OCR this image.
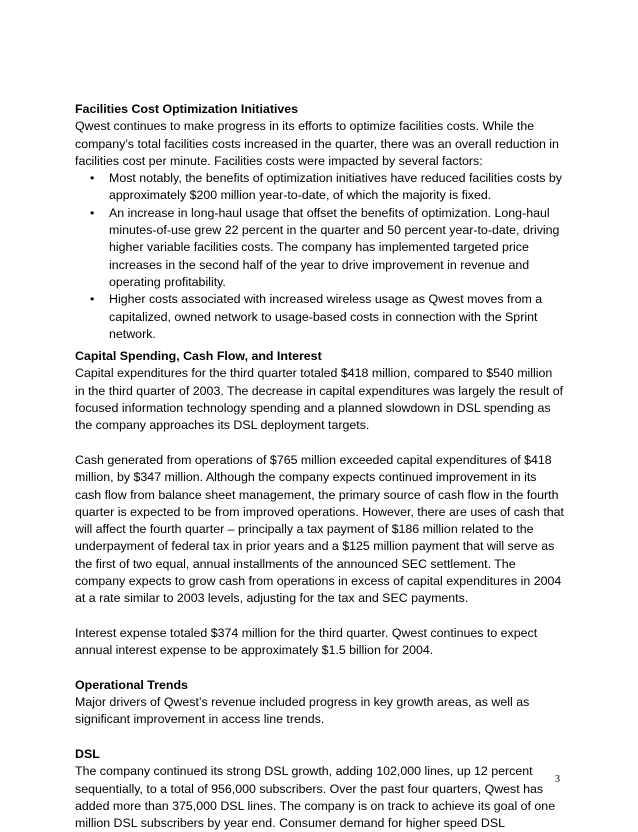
Facilities Cost Optimization Initiatives

Qwest continues to make progress in its efforts to optimize facilities costs. While the company’s total facilities costs increased in the quarter, there was an overall reduction in facilities cost per minute. Facilities costs were impacted by several factors:

• Most notably, the benefits of optimization initiatives have reduced facilities costs by approximately $200 million year-to-date, of which the majority is fixed.
• An increase in long-haul usage that offset the benefits of optimization. Long-haul minutes-of-use grew 22 percent in the quarter and 50 percent year-to-date, driving higher variable facilities costs. The company has implemented targeted price increases in the second half of the year to drive improvement in revenue and operating profitability.
• Higher costs associated with increased wireless usage as Qwest moves from a capitalized, owned network to usage-based costs in connection with the Sprint network.

Capital Spending, Cash Flow, and Interest

Capital expenditures for the third quarter totaled $418 million, compared to $540 million in the third quarter of 2003. The decrease in capital expenditures was largely the result of focused information technology spending and a planned slowdown in DSL spending as the company approaches its DSL deployment targets.

Cash generated from operations of $765 million exceeded capital expenditures of $418 million, by $347 million. Although the company expects continued improvement in its cash flow from balance sheet management, the primary source of cash flow in the fourth quarter is expected to be from improved operations. However, there are uses of cash that will affect the fourth quarter – principally a tax payment of $186 million related to the underpayment of federal tax in prior years and a $125 million payment that will serve as the first of two equal, annual installments of the announced SEC settlement. The company expects to grow cash from operations in excess of capital expenditures in 2004 at a rate similar to 2003 levels, adjusting for the tax and SEC payments.

Interest expense totaled $374 million for the third quarter. Qwest continues to expect annual interest expense to be approximately $1.5 billion for 2004.

Operational Trends

Major drivers of Qwest’s revenue included progress in key growth areas, as well as significant improvement in access line trends.

DSL

The company continued its strong DSL growth, adding 102,000 lines, up 12 percent sequentially, to a total of 956,000 subscribers. Over the past four quarters, Qwest has added more than 375,000 DSL lines. The company is on track to achieve its goal of one million DSL subscribers by year end. Consumer demand for higher speed DSL

3
